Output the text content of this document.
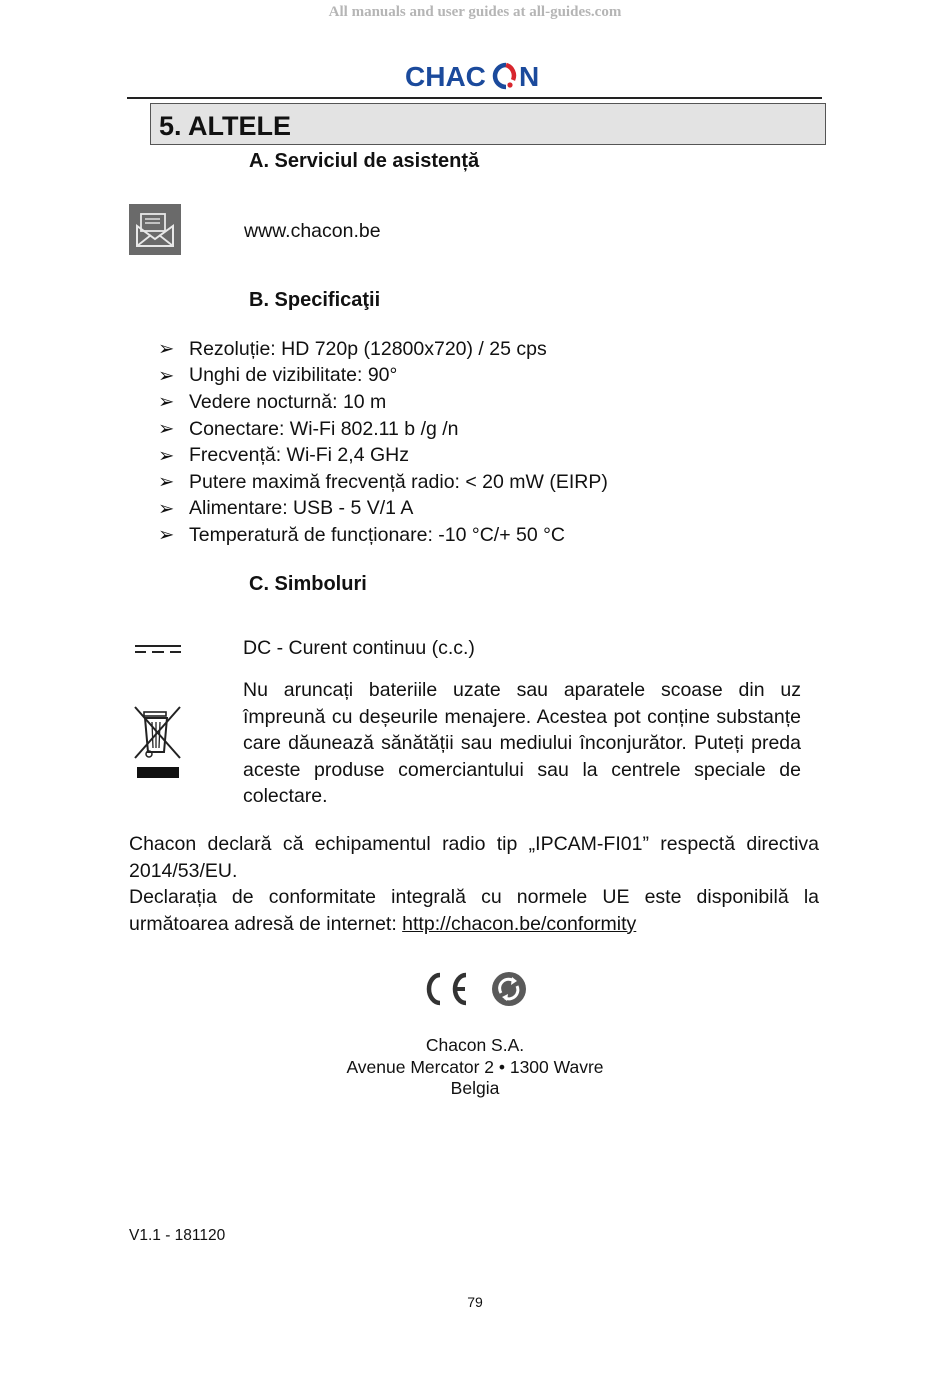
All manuals and user guides at all-guides.com
CHAC N
5. ALTELE
A. Serviciul de asistență
www.chacon.be
B. Specificaţii
➢ Rezoluție: HD 720p (12800x720) / 25 cps
➢ Unghi de vizibilitate: 90°
➢ Vedere nocturnă: 10 m
➢ Conectare: Wi-Fi 802.11 b /g /n
➢ Frecvență: Wi-Fi 2,4 GHz
➢ Putere maximă frecvență radio: < 20 mW (EIRP)
➢ Alimentare: USB - 5 V/1 A
➢ Temperatură de funcționare: -10 °C/+ 50 °C
C. Simboluri
DC - Curent continuu (c.c.)
Nu aruncați bateriile uzate sau aparatele scoase din uz împreună cu deșeurile menajere. Acestea pot conține substanțe care dăunează sănătății sau mediului înconjurător. Puteți preda aceste produse comerciantului sau la centrele speciale de colectare.

Chacon declară că echipamentul radio tip „IPCAM-FI01” respectă directiva 2014/53/EU.

Declarația de conformitate integrală cu normele UE este disponibilă la următoarea adresă de internet: http://chacon.be/conformity

Chacon S.A.
Avenue Mercator 2 • 1300 Wavre
Belgia
V1.1 - 181120
79
